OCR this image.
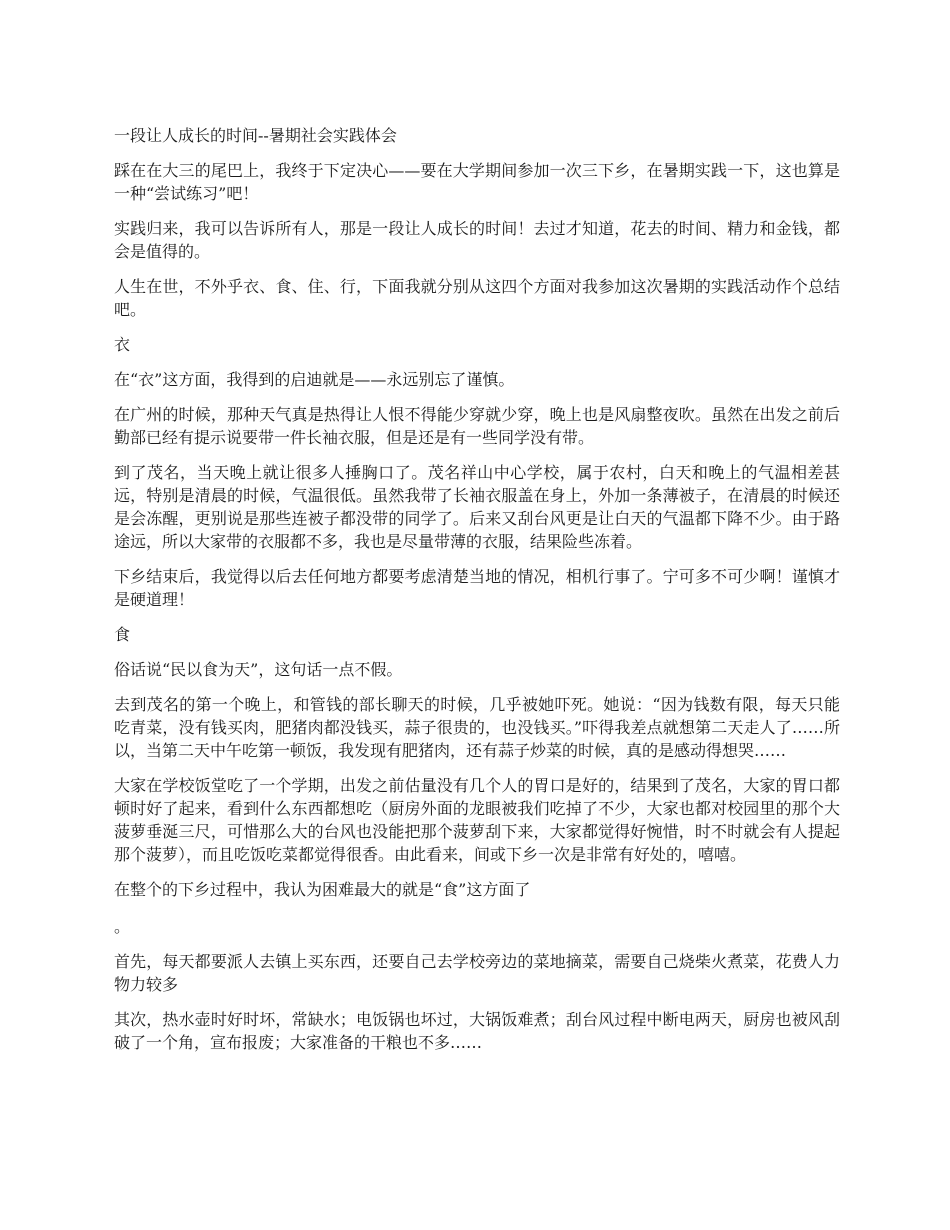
一段让人成长的时间--暑期社会实践体会

踩在在大三的尾巴上，我终于下定决心——要在大学期间参加一次三下乡，在暑期实践一下，这也算是一种“尝试练习”吧！

实践归来，我可以告诉所有人，那是一段让人成长的时间！去过才知道，花去的时间、精力和金钱，都会是值得的。

人生在世，不外乎衣、食、住、行，下面我就分别从这四个方面对我参加这次暑期的实践活动作个总结吧。

衣

在“衣”这方面，我得到的启迪就是——永远别忘了谨慎。

在广州的时候，那种天气真是热得让人恨不得能少穿就少穿，晚上也是风扇整夜吹。虽然在出发之前后勤部已经有提示说要带一件长袖衣服，但是还是有一些同学没有带。

到了茂名，当天晚上就让很多人捶胸口了。茂名祥山中心学校，属于农村，白天和晚上的气温相差甚远，特别是清晨的时候，气温很低。虽然我带了长袖衣服盖在身上，外加一条薄被子，在清晨的时候还是会冻醒，更别说是那些连被子都没带的同学了。后来又刮台风更是让白天的气温都下降不少。由于路途远，所以大家带的衣服都不多，我也是尽量带薄的衣服，结果险些冻着。

下乡结束后，我觉得以后去任何地方都要考虑清楚当地的情况，相机行事了。宁可多不可少啊！谨慎才是硬道理！

食

俗话说“民以食为天”，这句话一点不假。

去到茂名的第一个晚上，和管钱的部长聊天的时候，几乎被她吓死。她说：“因为钱数有限，每天只能吃青菜，没有钱买肉，肥猪肉都没钱买，蒜子很贵的，也没钱买。”吓得我差点就想第二天走人了……所以，当第二天中午吃第一顿饭，我发现有肥猪肉，还有蒜子炒菜的时候，真的是感动得想哭……

大家在学校饭堂吃了一个学期，出发之前估量没有几个人的胃口是好的，结果到了茂名，大家的胃口都顿时好了起来，看到什么东西都想吃（厨房外面的龙眼被我们吃掉了不少，大家也都对校园里的那个大菠萝垂涎三尺，可惜那么大的台风也没能把那个菠萝刮下来，大家都觉得好惋惜，时不时就会有人提起那个菠萝），而且吃饭吃菜都觉得很香。由此看来，间或下乡一次是非常有好处的，嘻嘻。

在整个的下乡过程中，我认为困难最大的就是“食”这方面了

。

首先，每天都要派人去镇上买东西，还要自己去学校旁边的菜地摘菜，需要自己烧柴火煮菜，花费人力物力较多

其次，热水壶时好时坏，常缺水；电饭锅也坏过，大锅饭难煮；刮台风过程中断电两天，厨房也被风刮破了一个角，宣布报废；大家准备的干粮也不多……
